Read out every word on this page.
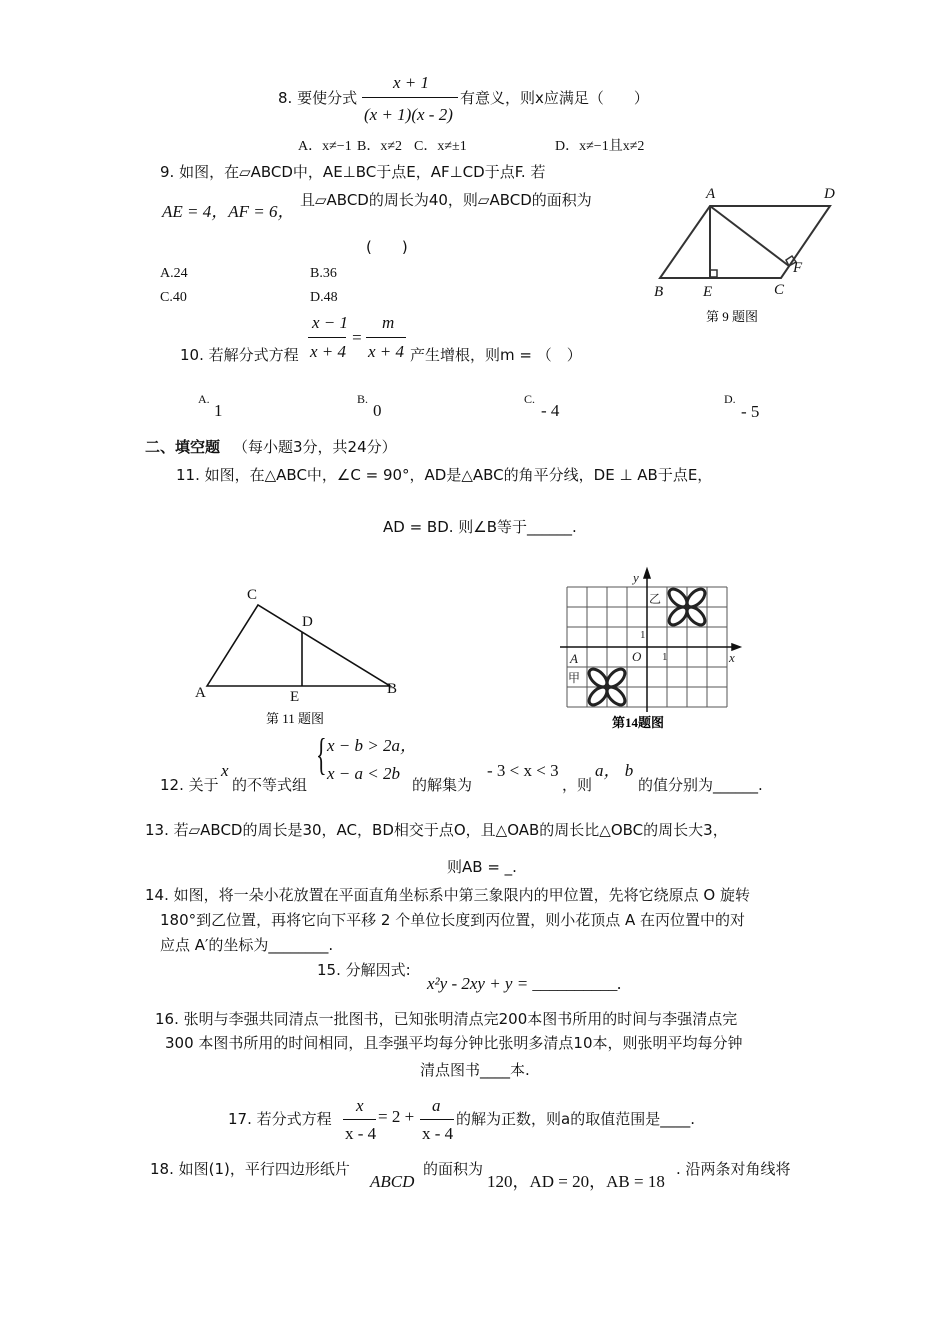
8. 要使分式
x + 1
(x + 1)(x - 2)
有意义，则x应满足（　　）
A．x≠−1 B．x≠2 C．x≠±1	D．x≠−1且x≠2
9. 如图，在▱ABCD中，AE⊥BC于点E，AF⊥CD于点F. 若
AE = 4，AF = 6，
且▱ABCD的周长为40，则▱ABCD的面积为
(　　)
A.24	B.36
C.40	D.48
A	D
B	E	C
F
第 9 题图
x − 1
x + 4
=
m
x + 4
10. 若解分式方程	产生增根，则m = （　）
A.
1
B.
0
C.
- 4
D.
- 5
二、填空题 （每小题3分，共24分）
11. 如图，在△ABC中，∠C = 90°，AD是△ABC的角平分线，DE ⊥ AB于点E，
AD = BD. 则∠B等于______.
C
D
A	E	B
第 11 题图
y
x
O
A	1
1
甲
乙
第14题图
12. 关于
x
的不等式组
{ x − b > 2a，
x − a < 2b
的解集为
- 3 < x < 3
，则
a， b
的值分别为______.
13. 若▱ABCD的周长是30，AC，BD相交于点O，且△OAB的周长比△OBC的周长大3，
则AB = _.
14. 如图，将一朵小花放置在平面直角坐标系中第三象限内的甲位置，先将它绕原点 O 旋转
180°到乙位置，再将它向下平移 2 个单位长度到丙位置，则小花顶点 A 在丙位置中的对
应点 A′的坐标为________.
15. 分解因式:
x²y - 2xy + y = __________.
16. 张明与李强共同清点一批图书，已知张明清点完200本图书所用的时间与李强清点完
300 本图书所用的时间相同，且李强平均每分钟比张明多清点10本，则张明平均每分钟
清点图书____本.
17. 若分式方程
x
x - 4
= 2 +
a
x - 4
的解为正数，则a的取值范围是____.
18. 如图(1)，平行四边形纸片
ABCD
的面积为
120，AD = 20，AB = 18
. 沿两条对角线将
